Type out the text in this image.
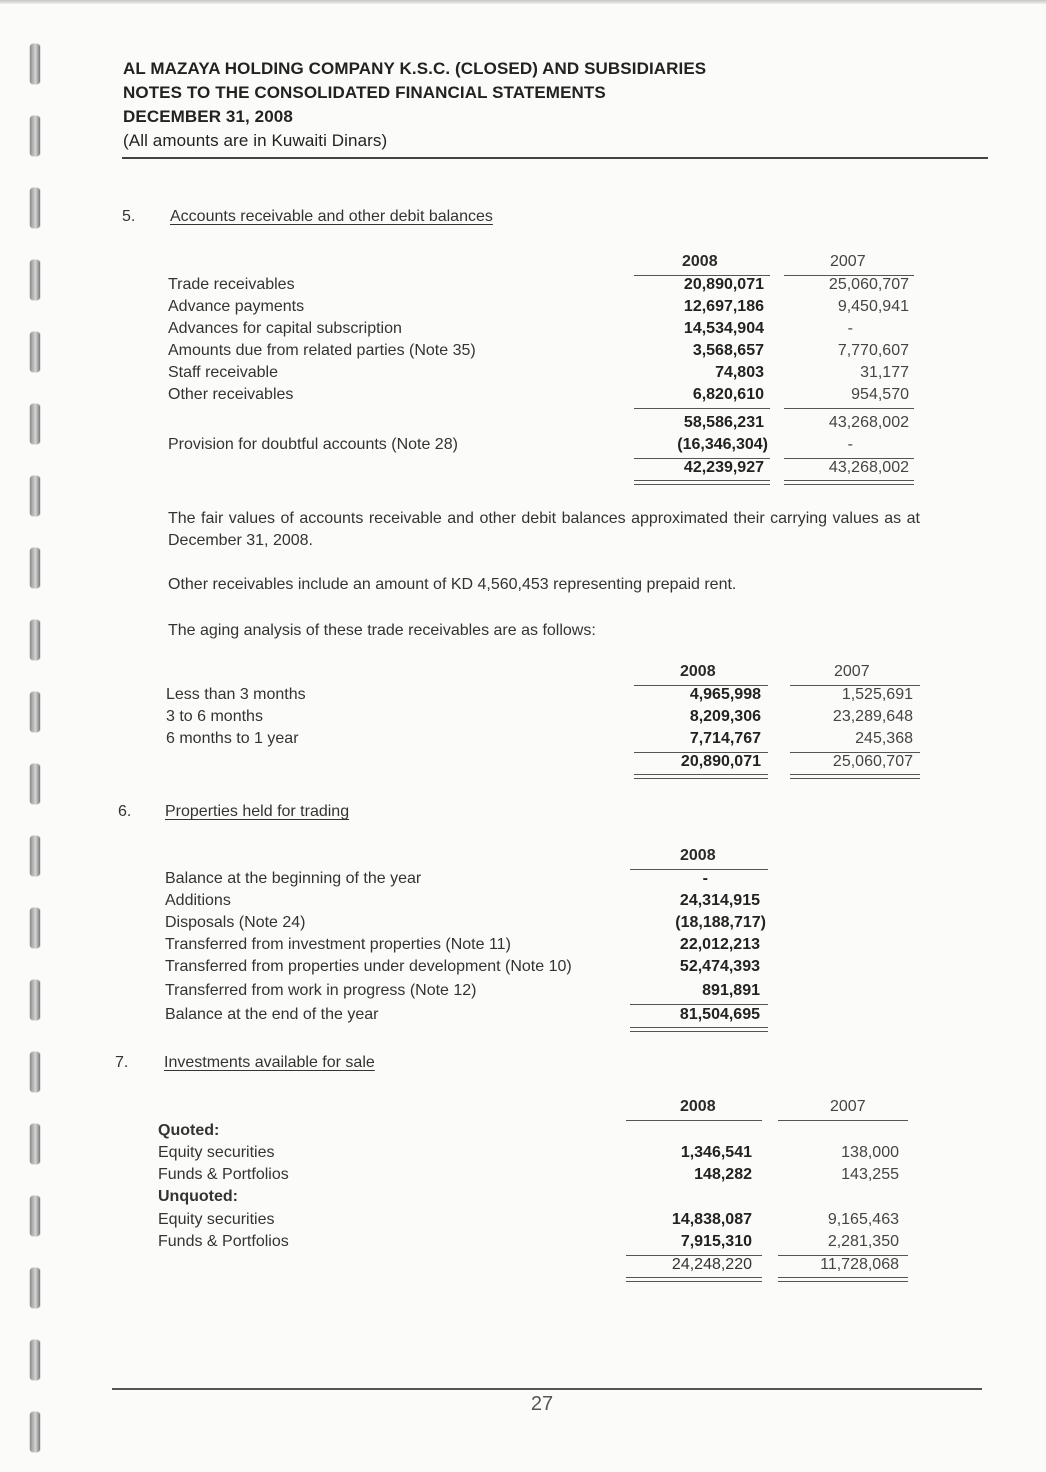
AL MAZAYA HOLDING COMPANY K.S.C. (CLOSED) AND SUBSIDIARIES
NOTES TO THE CONSOLIDATED FINANCIAL STATEMENTS
DECEMBER 31, 2008
(All amounts are in Kuwaiti Dinars)
5. Accounts receivable and other debit balances
2008	2007
Trade receivables	20,890,071	25,060,707
Advance payments	12,697,186	9,450,941
Advances for capital subscription	14,534,904	-
Amounts due from related parties (Note 35)	3,568,657	7,770,607
Staff receivable	74,803	31,177
Other receivables	6,820,610	954,570
58,586,231	43,268,002
Provision for doubtful accounts (Note 28)	(16,346,304)	-
42,239,927	43,268,002
The fair values of accounts receivable and other debit balances approximated their carrying values as at December 31, 2008.
Other receivables include an amount of KD 4,560,453 representing prepaid rent.
The aging analysis of these trade receivables are as follows:
2008	2007
Less than 3 months	4,965,998	1,525,691
3 to 6 months	8,209,306	23,289,648
6 months to 1 year	7,714,767	245,368
20,890,071	25,060,707
6. Properties held for trading
2008
Balance at the beginning of the year	-
Additions	24,314,915
Disposals (Note 24)	(18,188,717)
Transferred from investment properties (Note 11)	22,012,213
Transferred from properties under development (Note 10)	52,474,393
Transferred from work in progress (Note 12)	891,891
Balance at the end of the year	81,504,695
7. Investments available for sale
2008	2007
Quoted:
Equity securities	1,346,541	138,000
Funds & Portfolios	148,282	143,255
Unquoted:
Equity securities	14,838,087	9,165,463
Funds & Portfolios	7,915,310	2,281,350
24,248,220	11,728,068
27
